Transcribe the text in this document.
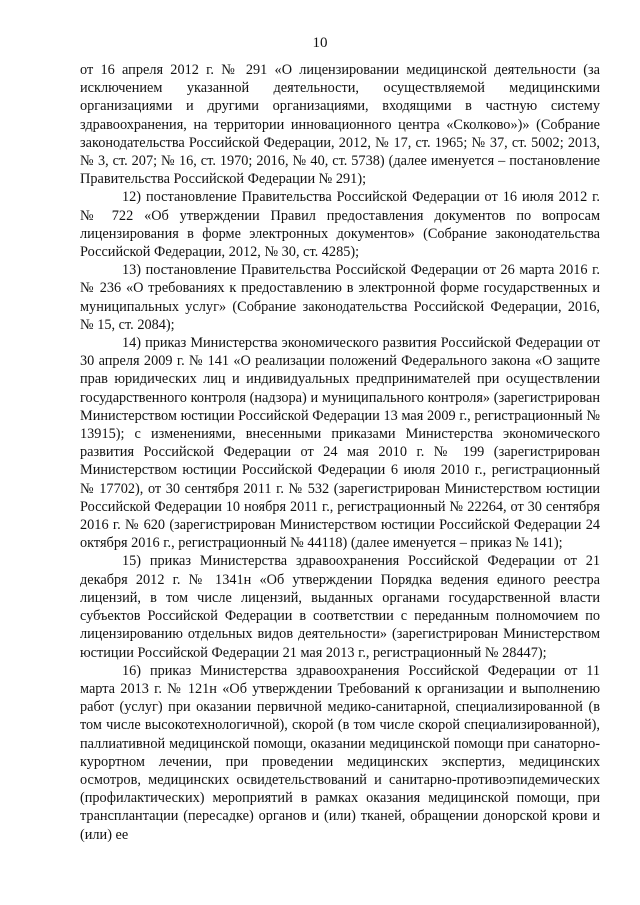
10

от 16 апреля 2012 г. № 291 «О лицензировании медицинской деятельности (за исключением указанной деятельности, осуществляемой медицинскими организациями и другими организациями, входящими в частную систему здравоохранения, на территории инновационного центра «Сколково»)» (Собрание законодательства Российской Федерации, 2012, № 17, ст. 1965; № 37, ст. 5002; 2013, № 3, ст. 207; № 16, ст. 1970; 2016, № 40, ст. 5738) (далее именуется – постановление Правительства Российской Федерации № 291);

12) постановление Правительства Российской Федерации от 16 июля 2012 г. № 722 «Об утверждении Правил предоставления документов по вопросам лицензирования в форме электронных документов» (Собрание законодательства Российской Федерации, 2012, № 30, ст. 4285);

13) постановление Правительства Российской Федерации от 26 марта 2016 г. № 236 «О требованиях к предоставлению в электронной форме государственных и муниципальных услуг» (Собрание законодательства Российской Федерации, 2016, № 15, ст. 2084);

14) приказ Министерства экономического развития Российской Федерации от 30 апреля 2009 г. № 141 «О реализации положений Федерального закона «О защите прав юридических лиц и индивидуальных предпринимателей при осуществлении государственного контроля (надзора) и муниципального контроля» (зарегистрирован Министерством юстиции Российской Федерации 13 мая 2009 г., регистрационный № 13915); с изменениями, внесенными приказами Министерства экономического развития Российской Федерации от 24 мая 2010 г. № 199 (зарегистрирован Министерством юстиции Российской Федерации 6 июля 2010 г., регистрационный № 17702), от 30 сентября 2011 г. № 532 (зарегистрирован Министерством юстиции Российской Федерации 10 ноября 2011 г., регистрационный № 22264, от 30 сентября 2016 г. № 620 (зарегистрирован Министерством юстиции Российской Федерации 24 октября 2016 г., регистрационный № 44118) (далее именуется – приказ № 141);

15) приказ Министерства здравоохранения Российской Федерации от 21 декабря 2012 г. № 1341н «Об утверждении Порядка ведения единого реестра лицензий, в том числе лицензий, выданных органами государственной власти субъектов Российской Федерации в соответствии с переданным полномочием по лицензированию отдельных видов деятельности» (зарегистрирован Министерством юстиции Российской Федерации 21 мая 2013 г., регистрационный № 28447);

16) приказ Министерства здравоохранения Российской Федерации от 11 марта 2013 г. № 121н «Об утверждении Требований к организации и выполнению работ (услуг) при оказании первичной медико-санитарной, специализированной (в том числе высокотехнологичной), скорой (в том числе скорой специализированной), паллиативной медицинской помощи, оказании медицинской помощи при санаторно-курортном лечении, при проведении медицинских экспертиз, медицинских осмотров, медицинских освидетельствований и санитарно-противоэпидемических (профилактических) мероприятий в рамках оказания медицинской помощи, при трансплантации (пересадке) органов и (или) тканей, обращении донорской крови и (или) ее
